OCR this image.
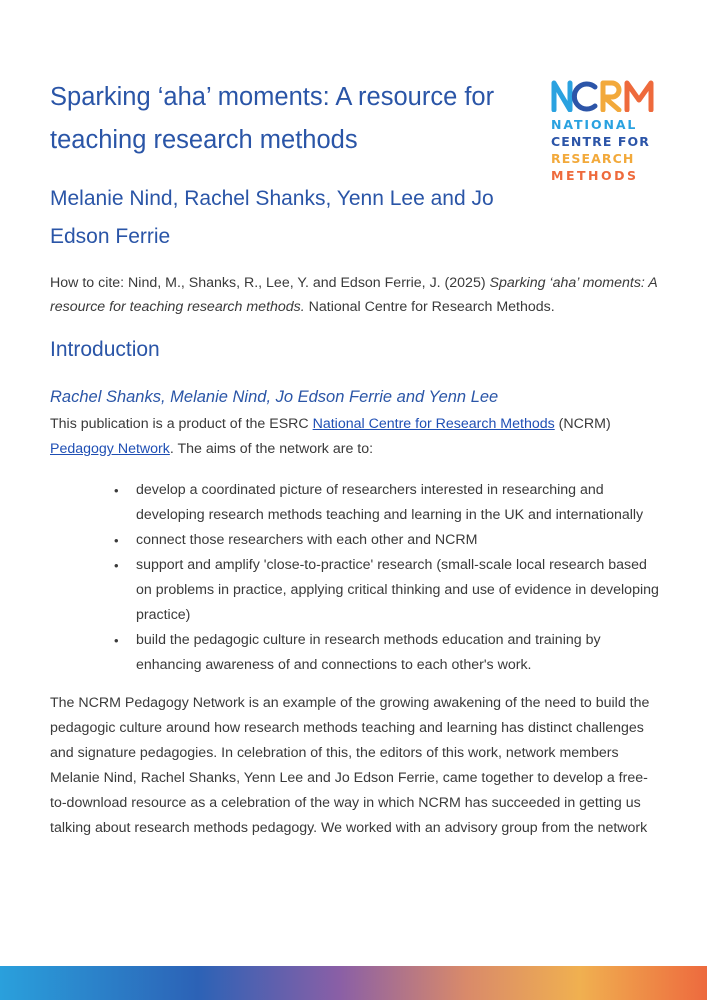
Sparking ‘aha’ moments: A resource for teaching research methods
Melanie Nind, Rachel Shanks, Yenn Lee and Jo Edson Ferrie
NATIONAL
CENTRE FOR
RESEARCH
METHODS

How to cite: Nind, M., Shanks, R., Lee, Y. and Edson Ferrie, J. (2025) Sparking ‘aha’ moments: A resource for teaching research methods. National Centre for Research Methods.

Introduction
Rachel Shanks, Melanie Nind, Jo Edson Ferrie and Yenn Lee

This publication is a product of the ESRC National Centre for Research Methods (NCRM) Pedagogy Network. The aims of the network are to:

• develop a coordinated picture of researchers interested in researching and developing research methods teaching and learning in the UK and internationally
• connect those researchers with each other and NCRM
• support and amplify 'close-to-practice' research (small-scale local research based on problems in practice, applying critical thinking and use of evidence in developing practice)
• build the pedagogic culture in research methods education and training by enhancing awareness of and connections to each other's work.

The NCRM Pedagogy Network is an example of the growing awakening of the need to build the pedagogic culture around how research methods teaching and learning has distinct challenges and signature pedagogies. In celebration of this, the editors of this work, network members Melanie Nind, Rachel Shanks, Yenn Lee and Jo Edson Ferrie, came together to develop a free-to-download resource as a celebration of the way in which NCRM has succeeded in getting us talking about research methods pedagogy. We worked with an advisory group from the network
